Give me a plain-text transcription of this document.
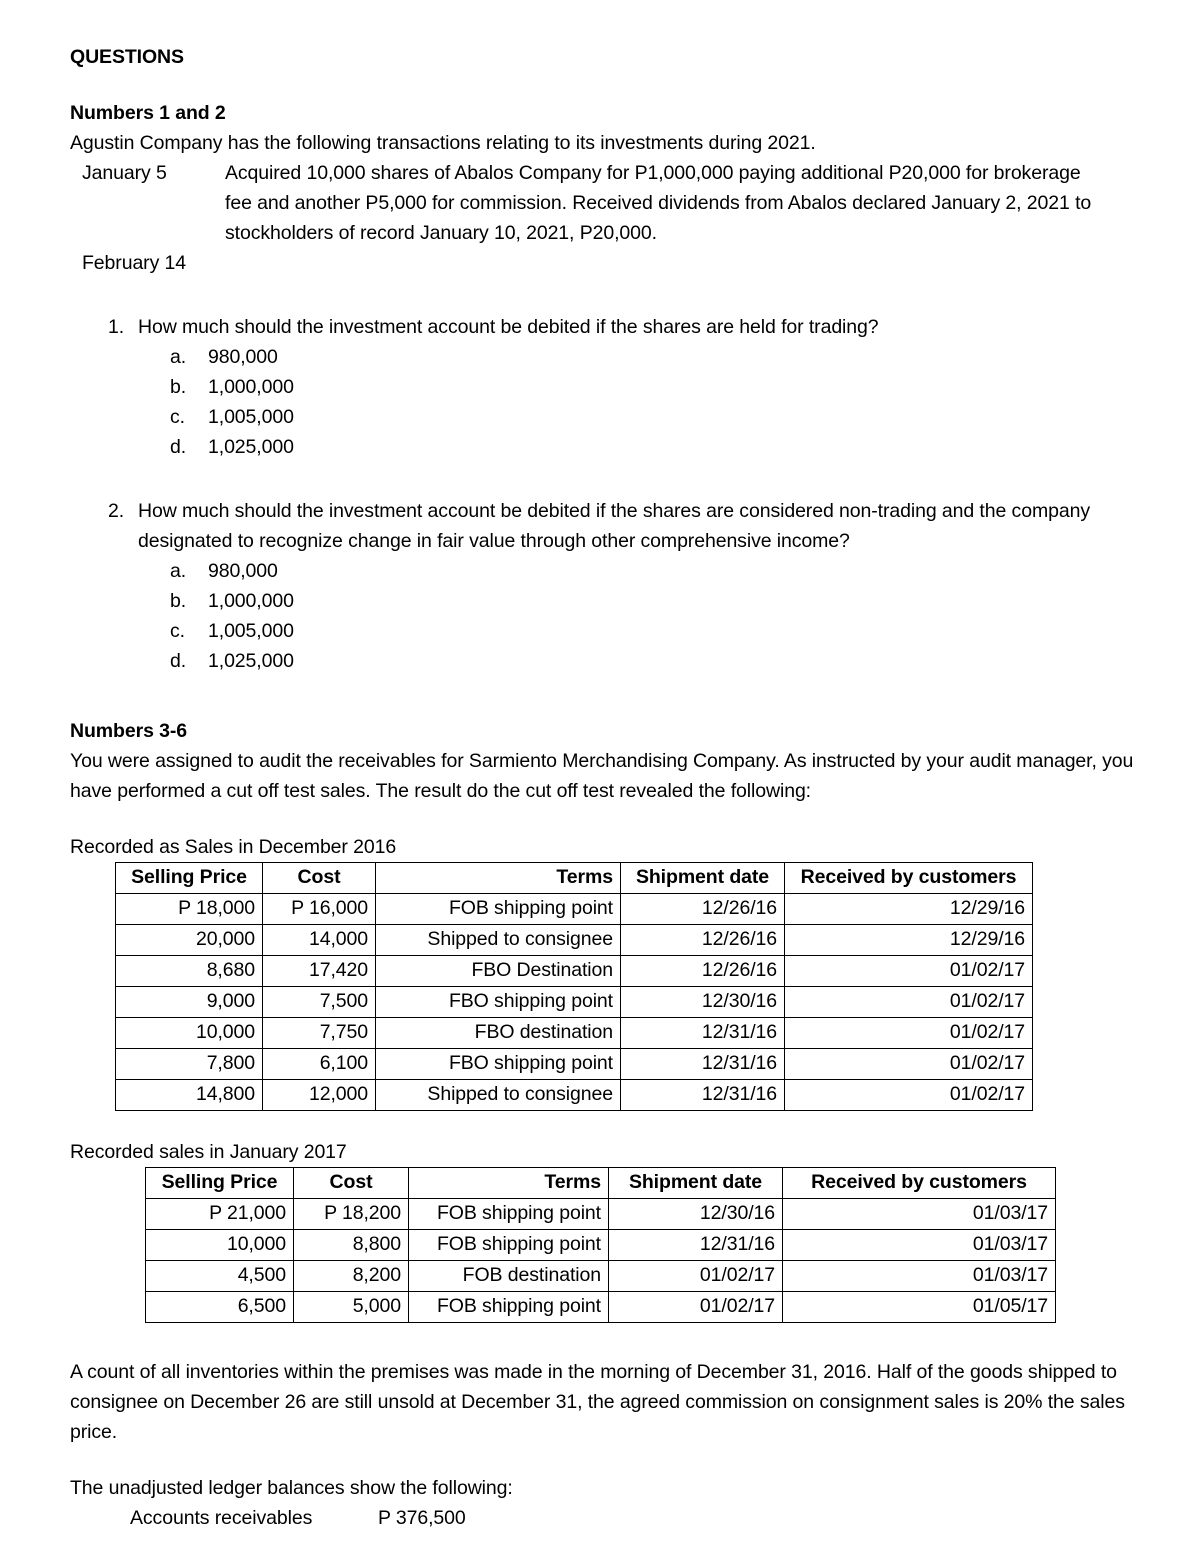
QUESTIONS
Numbers 1 and 2
Agustin Company has the following transactions relating to its investments during 2021.
January 5	Acquired 10,000 shares of Abalos Company for P1,000,000 paying additional P20,000 for brokerage fee and another P5,000 for commission. Received dividends from Abalos declared January 2, 2021 to stockholders of record January 10, 2021, P20,000.
February 14
1. How much should the investment account be debited if the shares are held for trading?
a.	980,000
b.	1,000,000
c.	1,005,000
d.	1,025,000
2. How much should the investment account be debited if the shares are considered non-trading and the company designated to recognize change in fair value through other comprehensive income?
a.	980,000
b.	1,000,000
c.	1,005,000
d.	1,025,000
Numbers 3-6
You were assigned to audit the receivables for Sarmiento Merchandising Company. As instructed by your audit manager, you have performed a cut off test sales. The result do the cut off test revealed the following:
Recorded as Sales in December 2016
Selling Price	Cost	Terms	Shipment date	Received by customers
P 18,000	P 16,000	FOB shipping point	12/26/16	12/29/16
20,000	14,000	Shipped to consignee	12/26/16	12/29/16
8,680	17,420	FBO Destination	12/26/16	01/02/17
9,000	7,500	FBO shipping point	12/30/16	01/02/17
10,000	7,750	FBO destination	12/31/16	01/02/17
7,800	6,100	FBO shipping point	12/31/16	01/02/17
14,800	12,000	Shipped to consignee	12/31/16	01/02/17
Recorded sales in January 2017
Selling Price	Cost	Terms	Shipment date	Received by customers
P 21,000	P 18,200	FOB shipping point	12/30/16	01/03/17
10,000	8,800	FOB shipping point	12/31/16	01/03/17
4,500	8,200	FOB destination	01/02/17	01/03/17
6,500	5,000	FOB shipping point	01/02/17	01/05/17
A count of all inventories within the premises was made in the morning of December 31, 2016. Half of the goods shipped to consignee on December 26 are still unsold at December 31, the agreed commission on consignment sales is 20% the sales price.
The unadjusted ledger balances show the following:
Accounts receivables	P 376,500
